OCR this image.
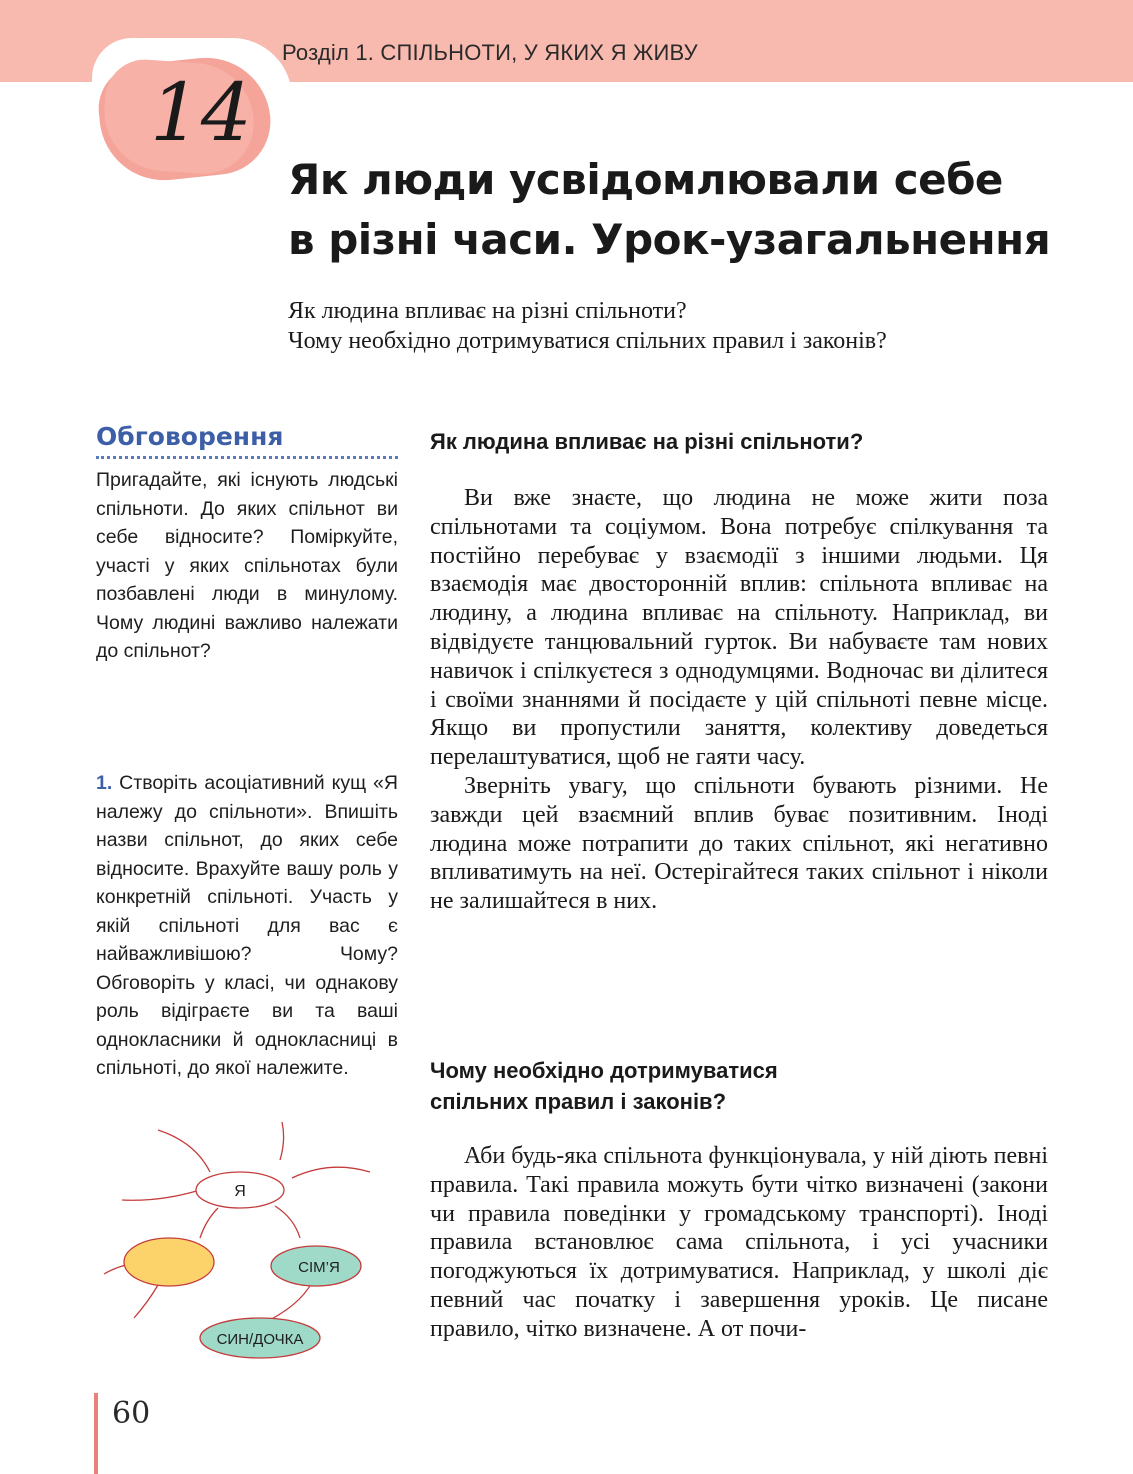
Розділ 1. СПІЛЬНОТИ, У ЯКИХ Я ЖИВУ
14
Як люди усвідомлювали себе
в різні часи. Урок-узагальнення
Як людина впливає на різні спільноти?
Чому необхідно дотримуватися спільних правил і законів?
Обговорення
Пригадайте, які існують людські спільноти. До яких спільнот ви себе відносите? Поміркуйте, участі у яких спільнотах були позбавлені люди в минулому. Чому людині важливо належати до спільнот?
1. Створіть асоціативний кущ «Я належу до спільноти». Впишіть назви спільнот, до яких себе відносите. Врахуйте вашу роль у конкретній спільноті. Участь у якій спільноті для вас є найважливішою? Чому? Обговоріть у класі, чи однакову роль відіграєте ви та ваші однокласники й однокласниці в спільноті, до якої належите.
Я
СІМ’Я
СИН/ДОЧКА
Як людина впливає на різні спільноти?

Ви вже знаєте, що людина не може жити поза спільнотами та соціумом. Вона потребує спілкування та постійно перебуває у взаємодії з іншими людьми. Ця взаємодія має двосторонній вплив: спільнота впливає на людину, а людина впливає на спільноту. Наприклад, ви відвідуєте танцювальний гурток. Ви набуваєте там нових навичок і спілкуєтеся з однодумцями. Водночас ви ділитеся і своїми знаннями й посідаєте у цій спільноті певне місце. Якщо ви пропустили заняття, колективу доведеться перелаштуватися, щоб не гаяти часу.

Зверніть увагу, що спільноти бувають різними. Не завжди цей взаємний вплив буває позитивним. Іноді людина може потрапити до таких спільнот, які негативно впливатимуть на неї. Остерігайтеся таких спільнот і ніколи не залишайтеся в них.

Чому необхідно дотримуватися
спільних правил і законів?

Аби будь-яка спільнота функціонувала, у ній діють певні правила. Такі правила можуть бути чітко визначені (закони чи правила поведінки у громадському транспорті). Іноді правила встановлює сама спільнота, і усі учасники погоджуються їх дотримуватися. Наприклад, у школі діє певний час початку і завершення уроків. Це писане правило, чітко визначене. А от почи-

60
